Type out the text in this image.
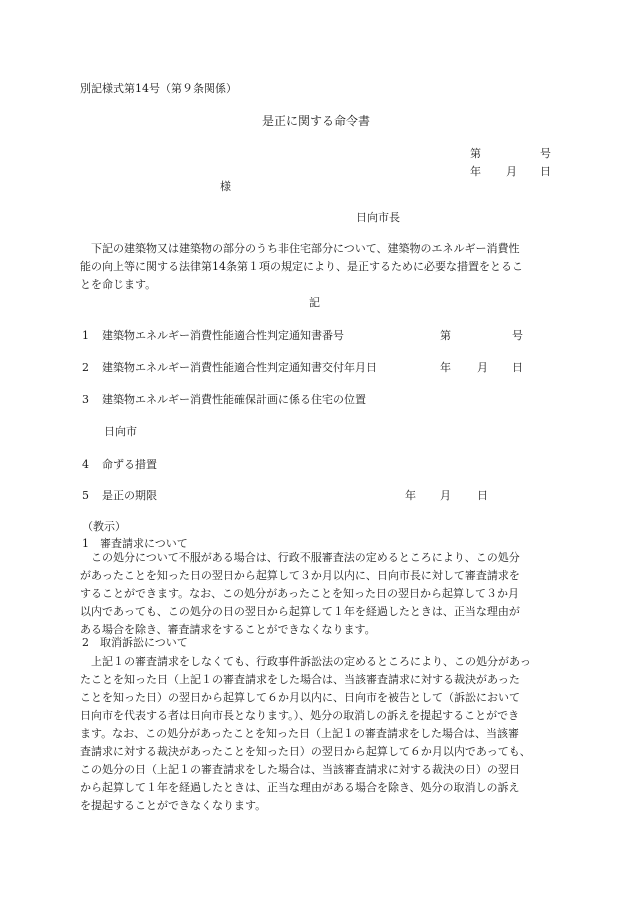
別記様式第14号（第９条関係）
是正に関する命令書
第	号
年 月 日
様
日向市長
下記の建築物又は建築物の部分のうち非住宅部分について、建築物のエネルギー消費性
能の向上等に関する法律第14条第１項の規定により、是正するために必要な措置をとるこ
とを命じます。
記
1 建築物エネルギー消費性能適合性判定通知書番号	第	号
2 建築物エネルギー消費性能適合性判定通知書交付年月日	年 月 日
3 建築物エネルギー消費性能確保計画に係る住宅の位置
日向市
4 命ずる措置
5 是正の期限	年 月 日
（教示）
1　審査請求について
この処分について不服がある場合は、行政不服審査法の定めるところにより、この処分
があったことを知った日の翌日から起算して３か月以内に、日向市長に対して審査請求を
することができます。なお、この処分があったことを知った日の翌日から起算して３か月
以内であっても、この処分の日の翌日から起算して１年を経過したときは、正当な理由が
ある場合を除き、審査請求をすることができなくなります。
2　取消訴訟について
上記１の審査請求をしなくても、行政事件訴訟法の定めるところにより、この処分があっ
たことを知った日（上記１の審査請求をした場合は、当該審査請求に対する裁決があった
ことを知った日）の翌日から起算して６か月以内に、日向市を被告として（訴訟において
日向市を代表する者は日向市長となります。）、処分の取消しの訴えを提起することができ
ます。なお、この処分があったことを知った日（上記１の審査請求をした場合は、当該審
査請求に対する裁決があったことを知った日）の翌日から起算して６か月以内であっても、
この処分の日（上記１の審査請求をした場合は、当該審査請求に対する裁決の日）の翌日
から起算して１年を経過したときは、正当な理由がある場合を除き、処分の取消しの訴え
を提起することができなくなります。
